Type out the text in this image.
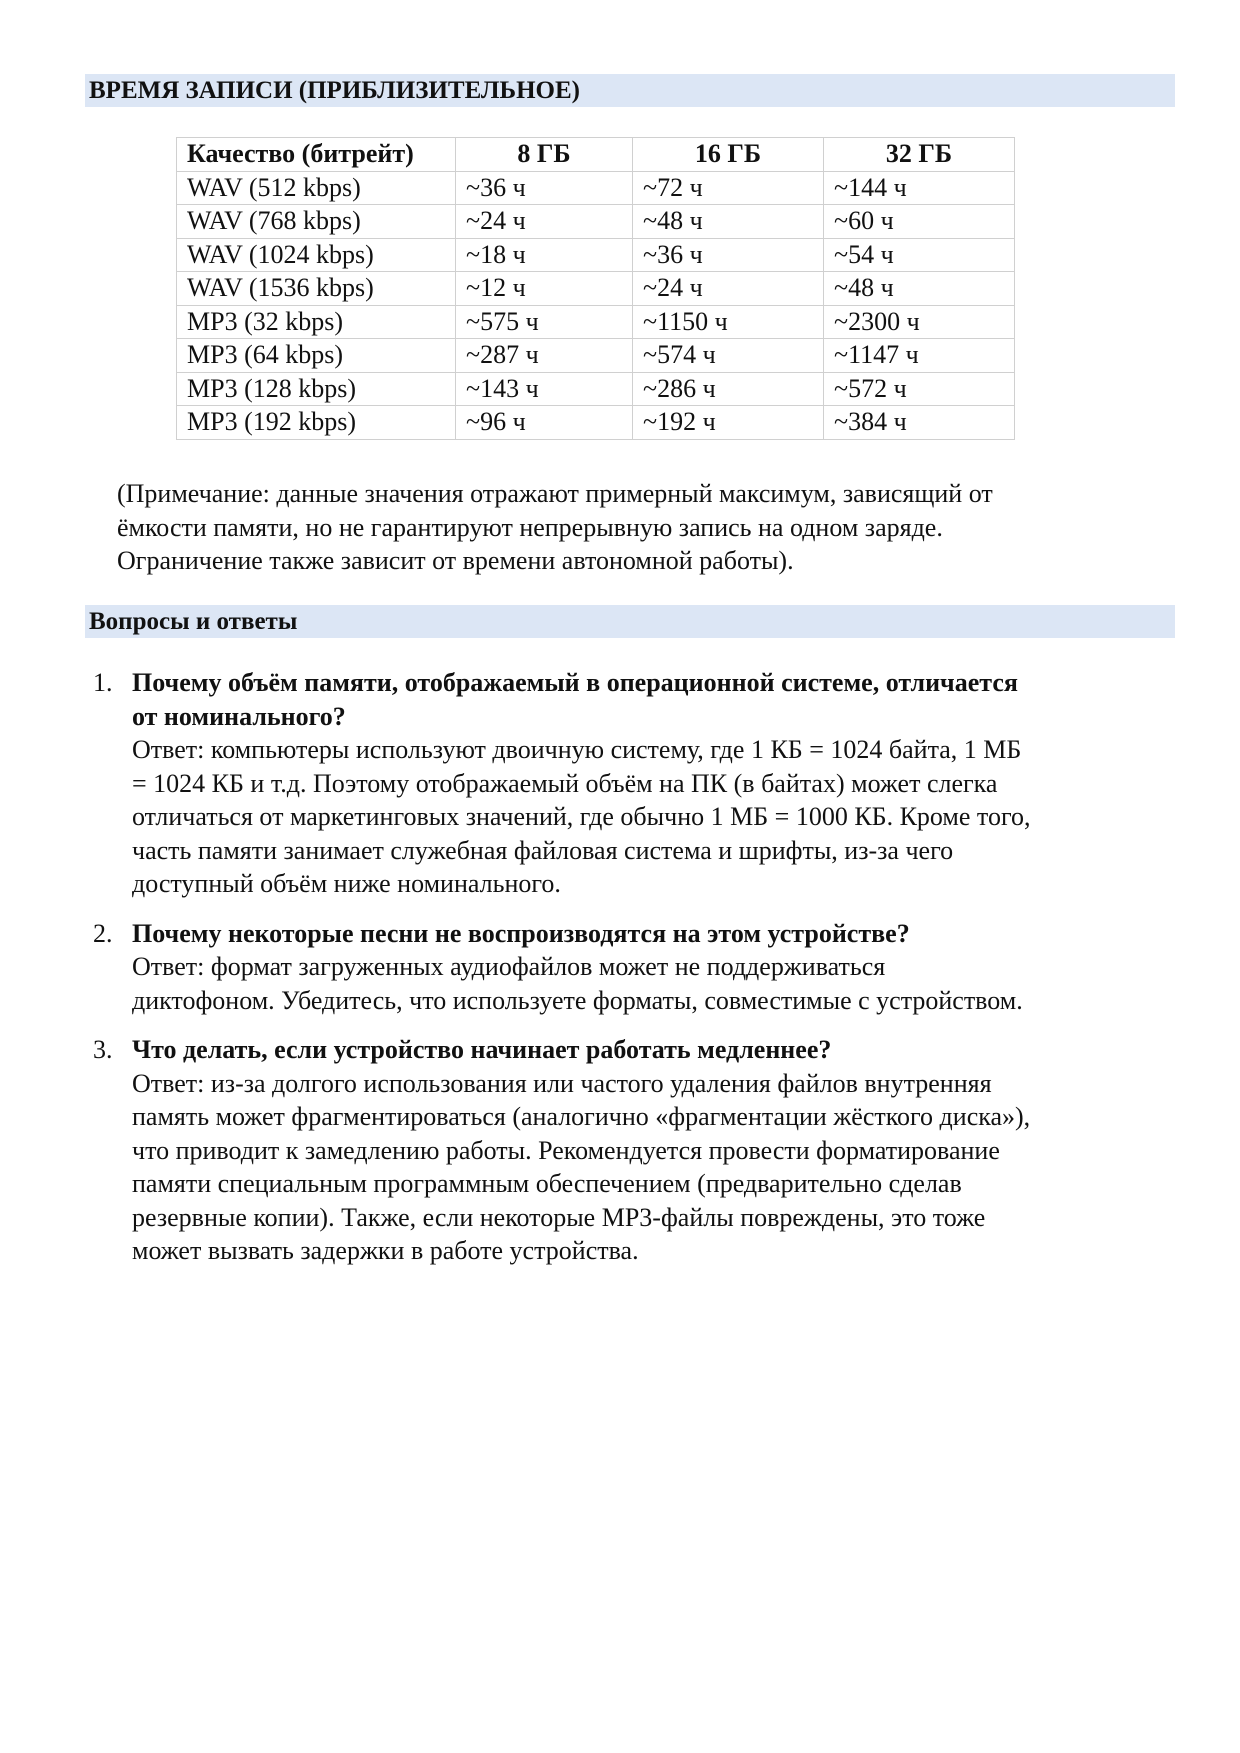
ВРЕМЯ ЗАПИСИ (ПРИБЛИЗИТЕЛЬНОЕ)
Качество (битрейт)	8 ГБ	16 ГБ	32 ГБ
WAV (512 kbps)	~36 ч	~72 ч	~144 ч
WAV (768 kbps)	~24 ч	~48 ч	~60 ч
WAV (1024 kbps)	~18 ч	~36 ч	~54 ч
WAV (1536 kbps)	~12 ч	~24 ч	~48 ч
MP3 (32 kbps)	~575 ч	~1150 ч	~2300 ч
MP3 (64 kbps)	~287 ч	~574 ч	~1147 ч
MP3 (128 kbps)	~143 ч	~286 ч	~572 ч
MP3 (192 kbps)	~96 ч	~192 ч	~384 ч
(Примечание: данные значения отражают примерный максимум, зависящий от
ёмкости памяти, но не гарантируют непрерывную запись на одном заряде.
Ограничение также зависит от времени автономной работы).
Вопросы и ответы
1. Почему объём памяти, отображаемый в операционной системе, отличается
от номинального?
Ответ: компьютеры используют двоичную систему, где 1 КБ = 1024 байта, 1 МБ
= 1024 КБ и т.д. Поэтому отображаемый объём на ПК (в байтах) может слегка
отличаться от маркетинговых значений, где обычно 1 МБ = 1000 КБ. Кроме того,
часть памяти занимает служебная файловая система и шрифты, из-за чего
доступный объём ниже номинального.
2. Почему некоторые песни не воспроизводятся на этом устройстве?
Ответ: формат загруженных аудиофайлов может не поддерживаться
диктофоном. Убедитесь, что используете форматы, совместимые с устройством.
3. Что делать, если устройство начинает работать медленнее?
Ответ: из-за долгого использования или частого удаления файлов внутренняя
память может фрагментироваться (аналогично «фрагментации жёсткого диска»),
что приводит к замедлению работы. Рекомендуется провести форматирование
памяти специальным программным обеспечением (предварительно сделав
резервные копии). Также, если некоторые MP3-файлы повреждены, это тоже
может вызвать задержки в работе устройства.
